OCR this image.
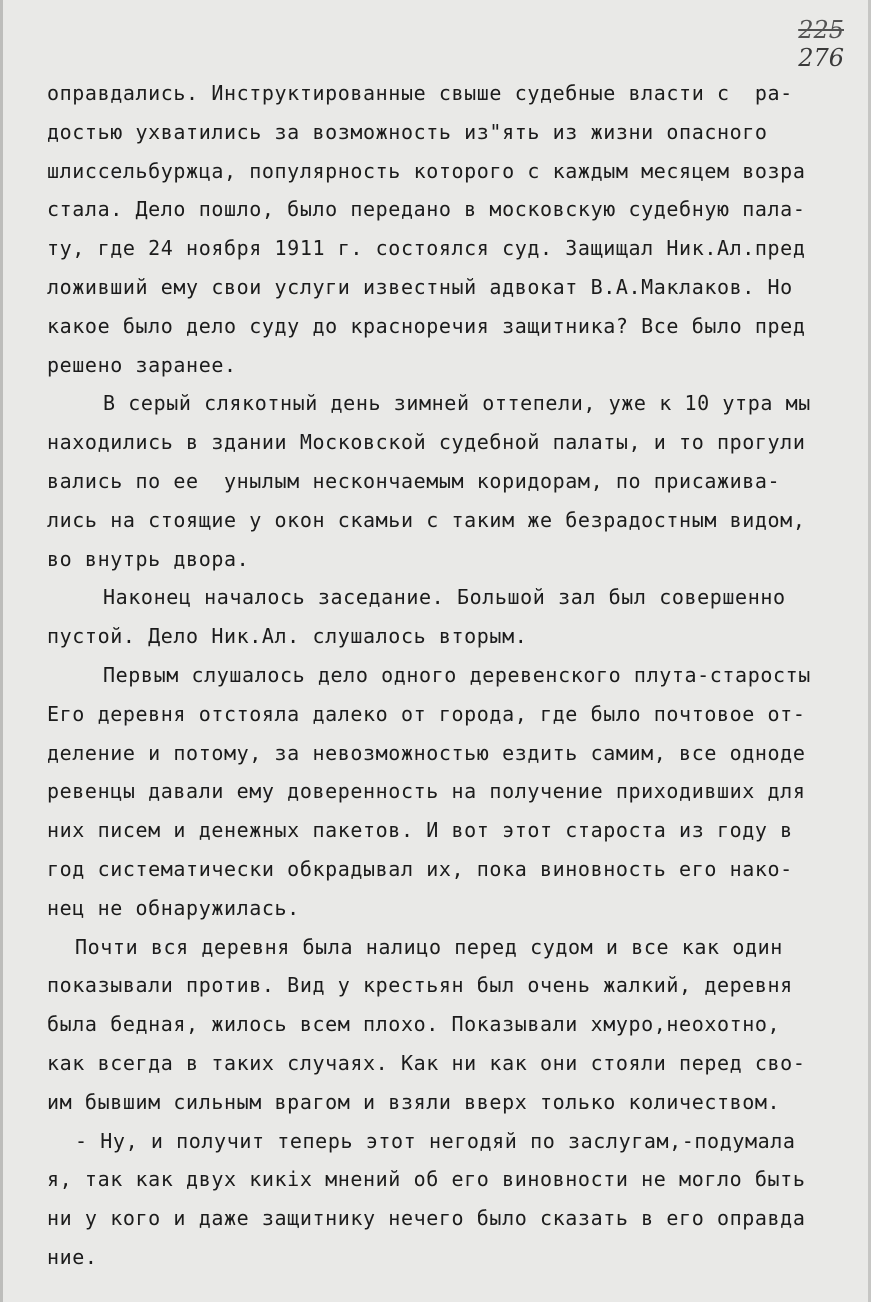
225
276
оправдались. Инструктированные свыше судебные власти с  ра-
достью ухватились за возможность из"ять из жизни опасного
шлиссельбуржца, популярность которого с каждым месяцем возра
стала. Дело пошло, было передано в московскую судебную пала-
ту, где 24 ноября 1911 г. состоялся суд. Защищал Ник.Ал.пред
ложивший ему свои услуги известный адвокат В.А.Маклаков. Но
какое было дело суду до красноречия защитника? Все было пред
решено заранее.
В серый слякотный день зимней оттепели, уже к 10 утра мы
находились в здании Московской судебной палаты, и то прогули
вались по ее  унылым нескончаемым коридорам, по присаживa-
лись на стоящие у окон скамьи с таким же безрадостным видом,
во внутрь двора.
Наконец началось заседание. Большой зал был совершенно
пустой. Дело Ник.Ал. слушалось вторым.
Первым слушалось дело одного деревенского плута-старосты
Его деревня отстояла далеко от города, где было почтовое от-
деление и потому, за невозможностью ездить самим, все одноде
ревенцы давали ему доверенность на получение приходивших для
них писем и денежных пакетов. И вот этот староста из году в
год систематически обкрадывал их, пока виновность его нако-
нец не обнаружилась.
Почти вся деревня была налицо перед судом и все как один
показывали против. Вид у крестьян был очень жалкий, деревня
была бедная, жилось всем плохо. Показывали хмуро,неохотно,
как всегда в таких случаях. Как ни как они стояли перед сво-
им бывшим сильным врагом и взяли вверх только количеством.
- Ну, и получит теперь этот негодяй по заслугам,-подумала
я, так как двух кикix мнений об его виновности не могло быть
ни у кого и даже защитнику нечего было сказать в его оправда
ние.
